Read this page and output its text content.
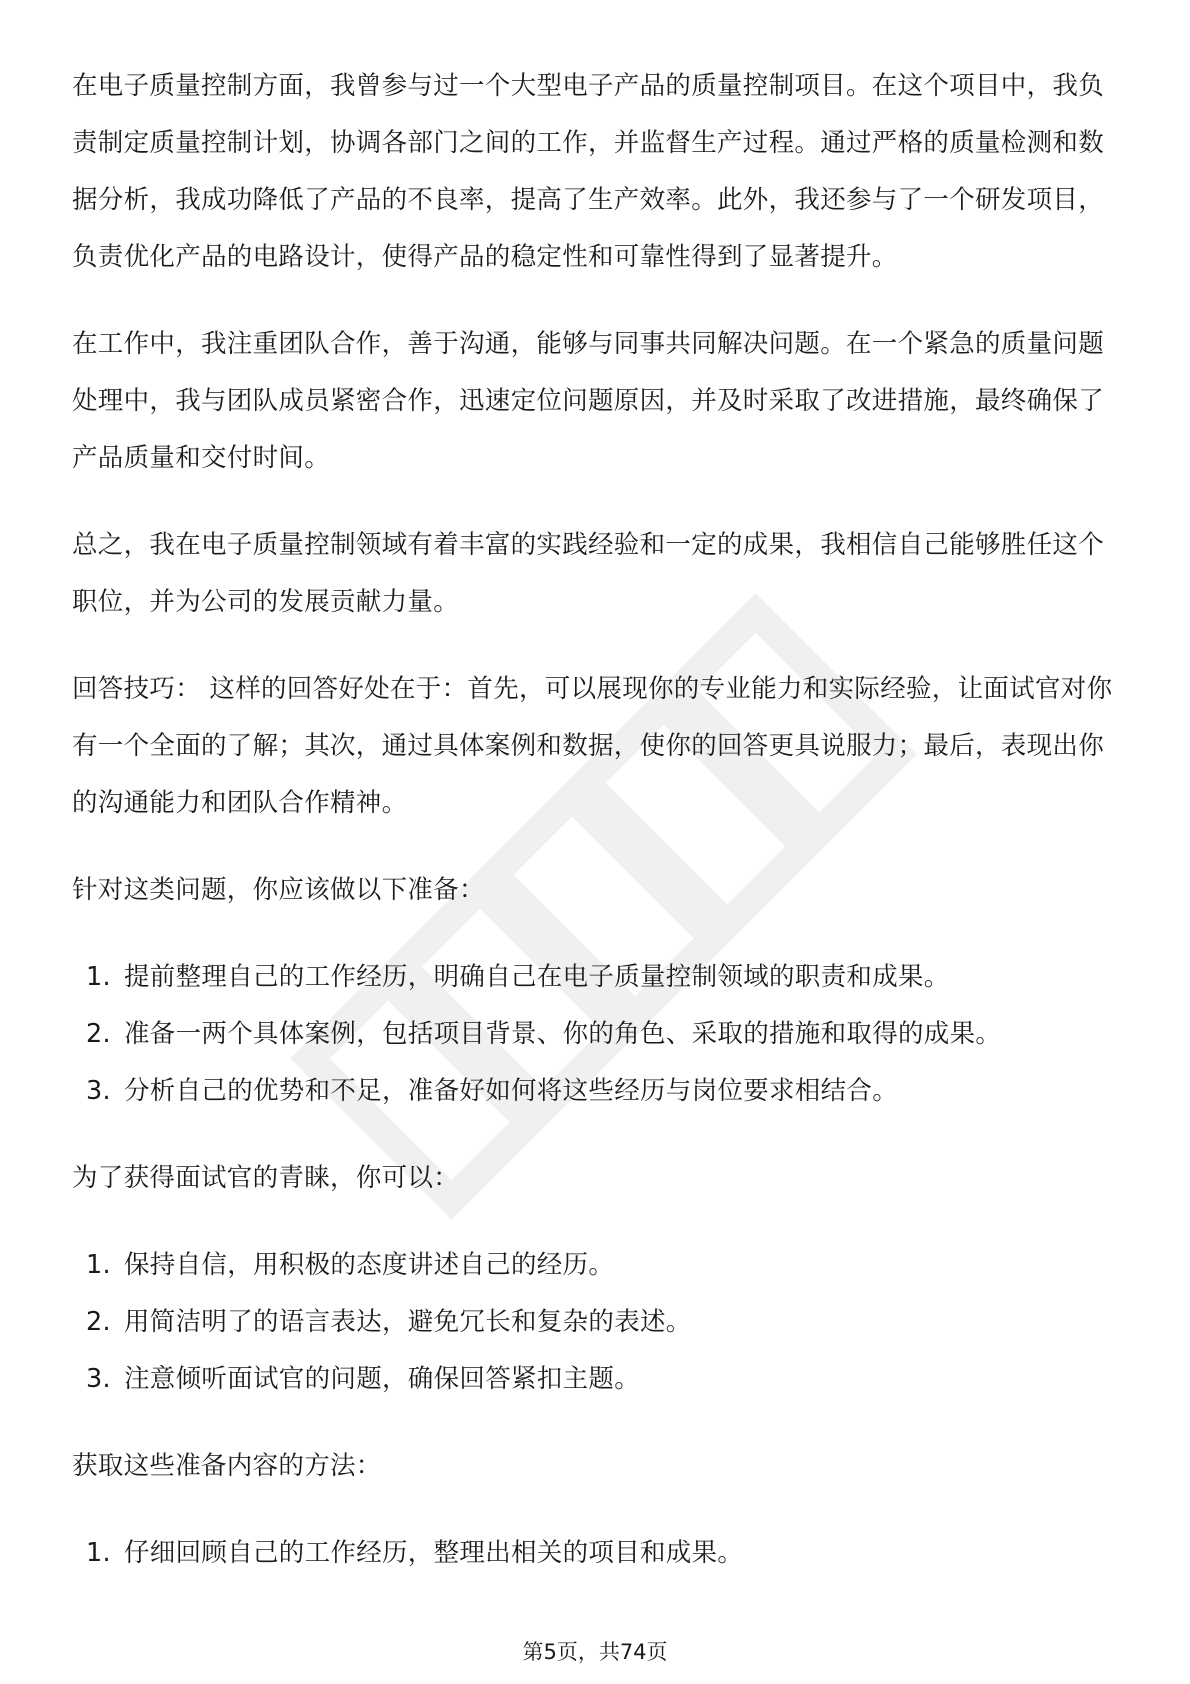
在电子质量控制方面，我曾参与过一个大型电子产品的质量控制项目。在这个项目中，我负责制定质量控制计划，协调各部门之间的工作，并监督生产过程。通过严格的质量检测和数据分析，我成功降低了产品的不良率，提高了生产效率。此外，我还参与了一个研发项目，负责优化产品的电路设计，使得产品的稳定性和可靠性得到了显著提升。

在工作中，我注重团队合作，善于沟通，能够与同事共同解决问题。在一个紧急的质量问题处理中，我与团队成员紧密合作，迅速定位问题原因，并及时采取了改进措施，最终确保了产品质量和交付时间。

总之，我在电子质量控制领域有着丰富的实践经验和一定的成果，我相信自己能够胜任这个职位，并为公司的发展贡献力量。

回答技巧： 这样的回答好处在于：首先，可以展现你的专业能力和实际经验，让面试官对你有一个全面的了解；其次，通过具体案例和数据，使你的回答更具说服力；最后，表现出你的沟通能力和团队合作精神。

针对这类问题，你应该做以下准备：

1. 提前整理自己的工作经历，明确自己在电子质量控制领域的职责和成果。
2. 准备一两个具体案例，包括项目背景、你的角色、采取的措施和取得的成果。
3. 分析自己的优势和不足，准备好如何将这些经历与岗位要求相结合。

为了获得面试官的青睐，你可以：

1. 保持自信，用积极的态度讲述自己的经历。
2. 用简洁明了的语言表达，避免冗长和复杂的表述。
3. 注意倾听面试官的问题，确保回答紧扣主题。

获取这些准备内容的方法：

1. 仔细回顾自己的工作经历，整理出相关的项目和成果。
第5页，共74页
